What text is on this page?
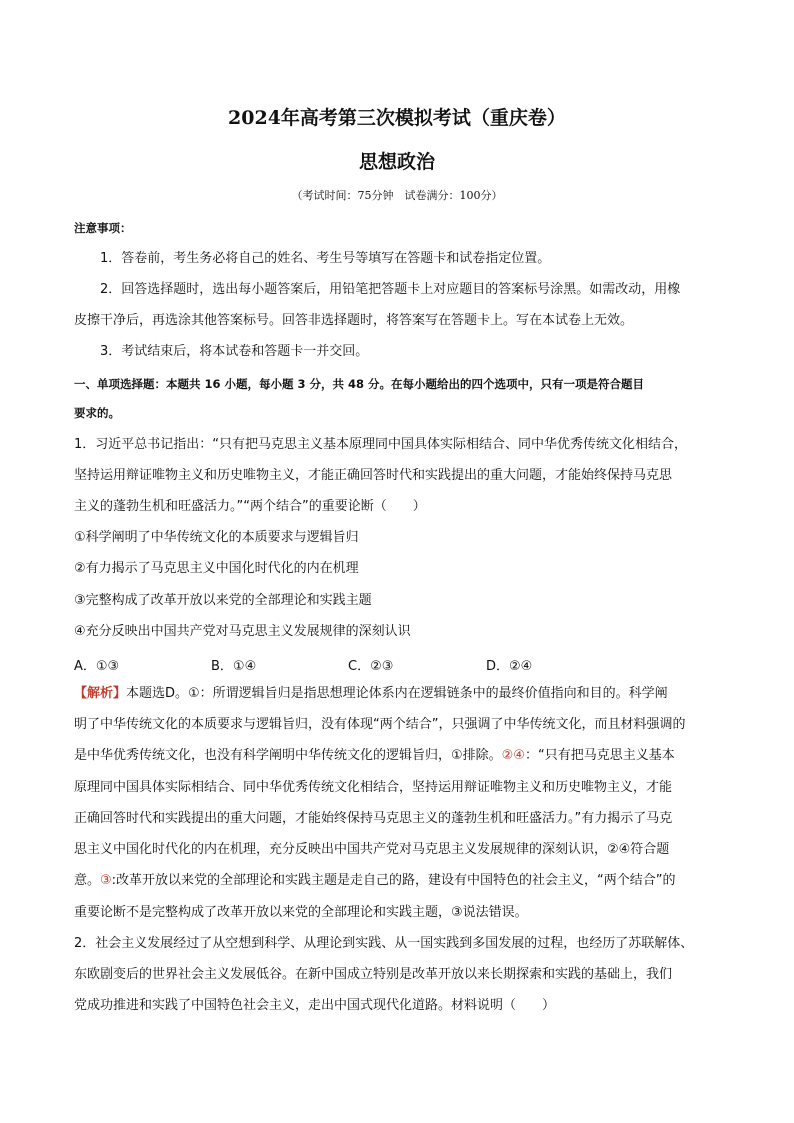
2024年高考第三次模拟考试（重庆卷）
思想政治
（考试时间：75分钟　试卷满分：100分）
注意事项：
1．答卷前，考生务必将自己的姓名、考生号等填写在答题卡和试卷指定位置。
2．回答选择题时，选出每小题答案后，用铅笔把答题卡上对应题目的答案标号涂黑。如需改动，用橡
皮擦干净后，再选涂其他答案标号。回答非选择题时，将答案写在答题卡上。写在本试卷上无效。
3．考试结束后，将本试卷和答题卡一并交回。
一、单项选择题：本题共 16 小题，每小题 3 分，共 48 分。在每小题给出的四个选项中，只有一项是符合题目
要求的。
1．习近平总书记指出：“只有把马克思主义基本原理同中国具体实际相结合、同中华优秀传统文化相结合，
坚持运用辩证唯物主义和历史唯物主义，才能正确回答时代和实践提出的重大问题，才能始终保持马克思
主义的蓬勃生机和旺盛活力。”“两个结合”的重要论断（　　）
①科学阐明了中华传统文化的本质要求与逻辑旨归
②有力揭示了马克思主义中国化时代化的内在机理
③完整构成了改革开放以来党的全部理论和实践主题
④充分反映出中国共产党对马克思主义发展规律的深刻认识
A．①③	B．①④	C．②③	D．②④
【解析】本题选D。①：所谓逻辑旨归是指思想理论体系内在逻辑链条中的最终价值指向和目的。科学阐
明了中华传统文化的本质要求与逻辑旨归，没有体现“两个结合”，只强调了中华传统文化，而且材料强调的
是中华优秀传统文化，也没有科学阐明中华传统文化的逻辑旨归，①排除。②④：“只有把马克思主义基本
原理同中国具体实际相结合、同中华优秀传统文化相结合，坚持运用辩证唯物主义和历史唯物主义，才能
正确回答时代和实践提出的重大问题，才能始终保持马克思主义的蓬勃生机和旺盛活力。”有力揭示了马克
思主义中国化时代化的内在机理，充分反映出中国共产党对马克思主义发展规律的深刻认识，②④符合题
意。③:改革开放以来党的全部理论和实践主题是走自己的路，建设有中国特色的社会主义，“两个结合”的
重要论断不是完整构成了改革开放以来党的全部理论和实践主题，③说法错误。
2．社会主义发展经过了从空想到科学、从理论到实践、从一国实践到多国发展的过程，也经历了苏联解体、
东欧剧变后的世界社会主义发展低谷。在新中国成立特别是改革开放以来长期探索和实践的基础上，我们
党成功推进和实践了中国特色社会主义，走出中国式现代化道路。材料说明（　　）
